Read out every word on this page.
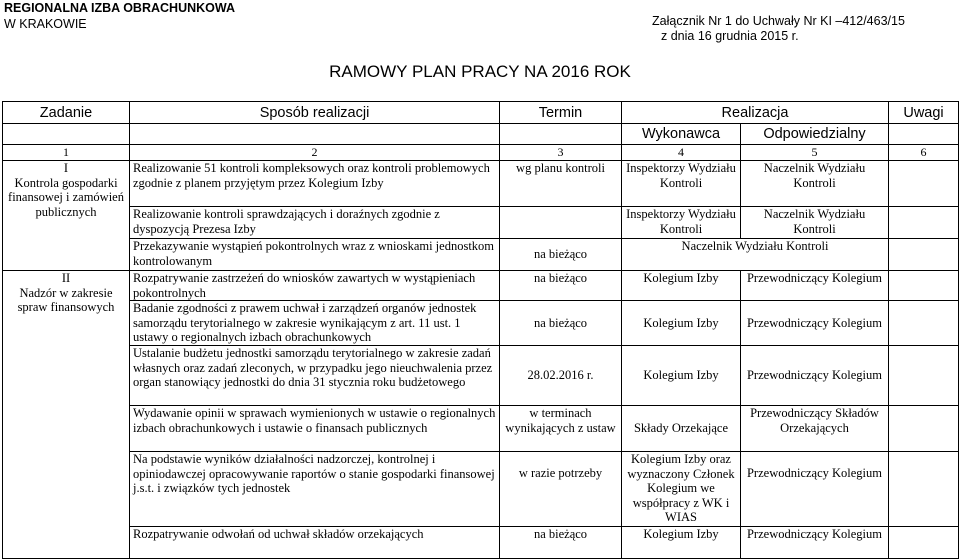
REGIONALNA IZBA OBRACHUNKOWA
W KRAKOWIE	Załącznik Nr 1 do Uchwały Nr KI –412/463/15
z dnia 16 grudnia 2015 r.
RAMOWY PLAN PRACY NA 2016 ROK
Zadanie	Sposób realizacji	Termin	Realizacja		Uwagi
			Wykonawca	Odpowiedzialny	
1	2	3	4	5	6

I
Kontrola gospodarki finansowej i zamówień publicznych	Realizowanie 51 kontroli kompleksowych oraz kontroli problemowych zgodnie z planem przyjętym przez Kolegium Izby	wg planu kontroli	Inspektorzy Wydziału Kontroli	Naczelnik Wydziału Kontroli	
	Realizowanie kontroli sprawdzających i doraźnych zgodnie z dyspozycją Prezesa Izby		Inspektorzy Wydziału Kontroli	Naczelnik Wydziału Kontroli	
	Przekazywanie wystąpień pokontrolnych wraz z wnioskami jednostkom kontrolowanym	na bieżąco	Naczelnik Wydziału Kontroli		

II
Nadzór w zakresie spraw finansowych	Rozpatrywanie zastrzeżeń do wniosków zawartych w wystąpieniach pokontrolnych	na bieżąco	Kolegium Izby	Przewodniczący Kolegium	
	Badanie zgodności z prawem uchwał i zarządzeń organów jednostek samorządu terytorialnego w zakresie wynikającym z art. 11 ust. 1 ustawy o regionalnych izbach obrachunkowych	na bieżąco	Kolegium Izby	Przewodniczący Kolegium	
	Ustalanie budżetu jednostki samorządu terytorialnego w zakresie zadań własnych oraz zadań zleconych, w przypadku jego nieuchwalenia przez organ stanowiący jednostki do dnia 31 stycznia roku budżetowego	28.02.2016 r.	Kolegium Izby	Przewodniczący Kolegium	
	Wydawanie opinii w sprawach wymienionych w ustawie o regionalnych izbach obrachunkowych i ustawie o finansach publicznych	w terminach wynikających z ustaw	Składy Orzekające	Przewodniczący Składów Orzekających	
	Na podstawie wyników działalności nadzorczej, kontrolnej i opiniodawczej opracowywanie raportów o stanie gospodarki finansowej j.s.t. i związków tych jednostek	w razie potrzeby	Kolegium Izby oraz wyznaczony Członek Kolegium we współpracy z WK i WIAS	Przewodniczący Kolegium	
	Rozpatrywanie odwołań od uchwał składów orzekających	na bieżąco	Kolegium Izby	Przewodniczący Kolegium	
